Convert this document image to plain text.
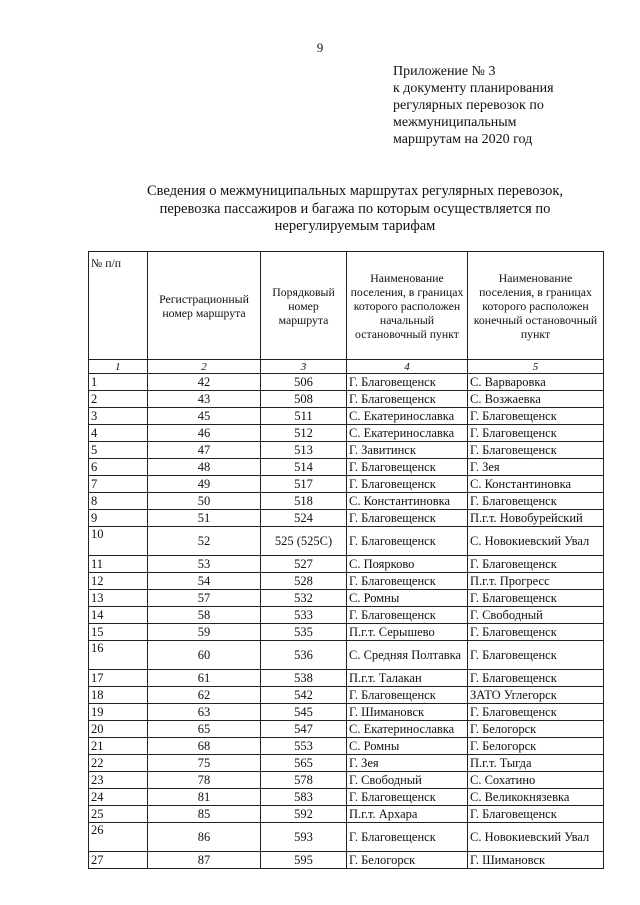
9
Приложение № 3
к документу планирования
регулярных перевозок по
межмуниципальным
маршрутам на 2020 год
Сведения о межмуниципальных маршрутах регулярных перевозок,
перевозка пассажиров и багажа по которым осуществляется по
нерегулируемым тарифам
№ п/п	Регистрационный номер маршрута	Порядковый номер маршрута	Наименование поселения, в границах которого расположен начальный остановочный пункт	Наименование поселения, в границах которого расположен конечный остановочный пункт
1	2	3	4	5
1	42	506	Г. Благовещенск	С. Варваровка
2	43	508	Г. Благовещенск	С. Возжаевка
3	45	511	С. Екатеринославка	Г. Благовещенск
4	46	512	С. Екатеринославка	Г. Благовещенск
5	47	513	Г. Завитинск	Г. Благовещенск
6	48	514	Г. Благовещенск	Г. Зея
7	49	517	Г. Благовещенск	С. Константиновка
8	50	518	С. Константиновка	Г. Благовещенск
9	51	524	Г. Благовещенск	П.г.т. Новобурейский
10	52	525 (525С)	Г. Благовещенск	С. Новокиевский Увал
11	53	527	С. Поярково	Г. Благовещенск
12	54	528	Г. Благовещенск	П.г.т. Прогресс
13	57	532	С. Ромны	Г. Благовещенск
14	58	533	Г. Благовещенск	Г. Свободный
15	59	535	П.г.т. Серышево	Г. Благовещенск
16	60	536	С. Средняя Полтавка	Г. Благовещенск
17	61	538	П.г.т. Талакан	Г. Благовещенск
18	62	542	Г. Благовещенск	ЗАТО Углегорск
19	63	545	Г. Шимановск	Г. Благовещенск
20	65	547	С. Екатеринославка	Г. Белогорск
21	68	553	С. Ромны	Г. Белогорск
22	75	565	Г. Зея	П.г.т. Тыгда
23	78	578	Г. Свободный	С. Сохатино
24	81	583	Г. Благовещенск	С. Великокнязевка
25	85	592	П.г.т. Архара	Г. Благовещенск
26	86	593	Г. Благовещенск	С. Новокиевский Увал
27	87	595	Г. Белогорск	Г. Шимановск
